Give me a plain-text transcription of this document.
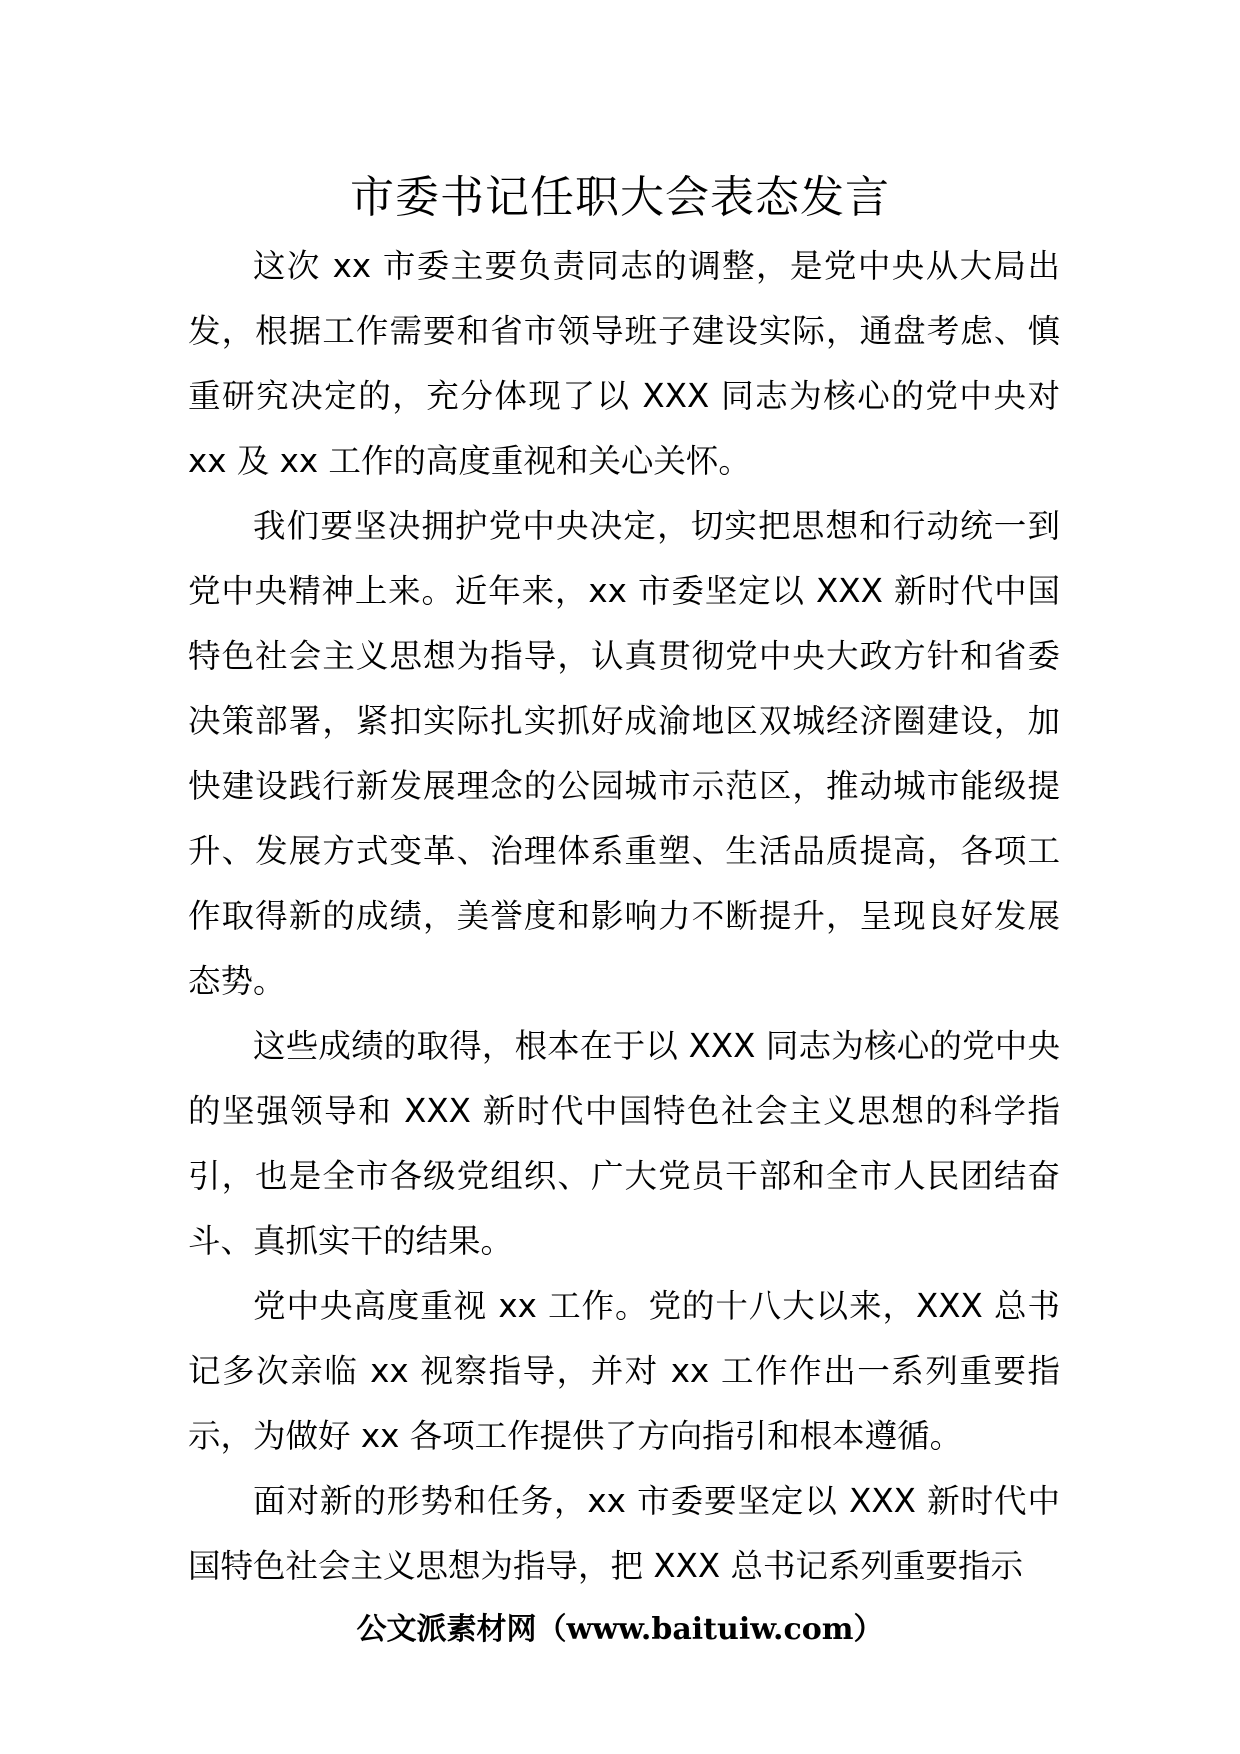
市委书记任职大会表态发言

这次 xx 市委主要负责同志的调整，是党中央从大局出发，根据工作需要和省市领导班子建设实际，通盘考虑、慎重研究决定的，充分体现了以 XXX 同志为核心的党中央对 xx 及 xx 工作的高度重视和关心关怀。

我们要坚决拥护党中央决定，切实把思想和行动统一到党中央精神上来。近年来，xx 市委坚定以 XXX 新时代中国特色社会主义思想为指导，认真贯彻党中央大政方针和省委决策部署，紧扣实际扎实抓好成渝地区双城经济圈建设，加快建设践行新发展理念的公园城市示范区，推动城市能级提升、发展方式变革、治理体系重塑、生活品质提高，各项工作取得新的成绩，美誉度和影响力不断提升，呈现良好发展态势。

这些成绩的取得，根本在于以 XXX 同志为核心的党中央的坚强领导和 XXX 新时代中国特色社会主义思想的科学指引，也是全市各级党组织、广大党员干部和全市人民团结奋斗、真抓实干的结果。

党中央高度重视 xx 工作。党的十八大以来，XXX 总书记多次亲临 xx 视察指导，并对 xx 工作作出一系列重要指示，为做好 xx 各项工作提供了方向指引和根本遵循。

面对新的形势和任务，xx 市委要坚定以 XXX 新时代中国特色社会主义思想为指导，把 XXX 总书记系列重要指示

公文派素材网（www.baituiw.com）
